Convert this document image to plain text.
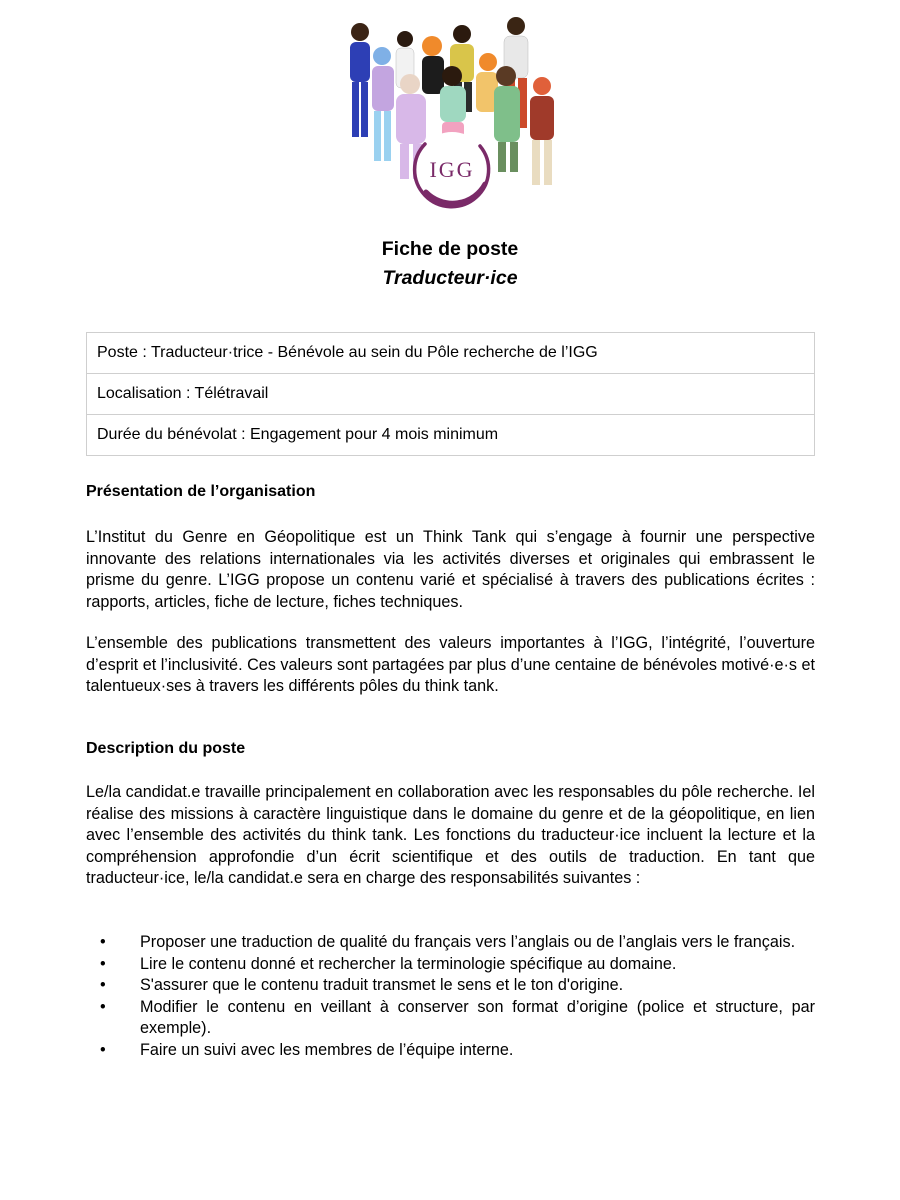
IGG
Fiche de poste
Traducteur·ice
Poste : Traducteur·trice - Bénévole au sein du Pôle recherche de l’IGG
Localisation : Télétravail
Durée du bénévolat : Engagement pour 4 mois minimum
Présentation de l’organisation
L’Institut du Genre en Géopolitique est un Think Tank qui s’engage à fournir une perspective innovante des relations internationales via les activités diverses et originales qui embrassent le prisme du genre. L’IGG propose un contenu varié et spécialisé à travers des publications écrites : rapports, articles, fiche de lecture, fiches techniques.
L’ensemble des publications transmettent des valeurs importantes à l’IGG, l’intégrité, l’ouverture d’esprit et l’inclusivité. Ces valeurs sont partagées par plus d’une centaine de bénévoles motivé·e·s et talentueux·ses à travers les différents pôles du think tank.
Description du poste
Le/la candidat.e travaille principalement en collaboration avec les responsables du pôle recherche. Iel réalise des missions à caractère linguistique dans le domaine du genre et de la géopolitique, en lien avec l’ensemble des activités du think tank. Les fonctions du traducteur·ice incluent la lecture et la compréhension approfondie d’un écrit scientifique et des outils de traduction. En tant que traducteur·ice, le/la candidat.e sera en charge des responsabilités suivantes :
• Proposer une traduction de qualité du français vers l’anglais ou de l’anglais vers le français.
• Lire le contenu donné et rechercher la terminologie spécifique au domaine.
• S'assurer que le contenu traduit transmet le sens et le ton d'origine.
• Modifier le contenu en veillant à conserver son format d’origine (police et structure, par exemple).
• Faire un suivi avec les membres de l’équipe interne.
